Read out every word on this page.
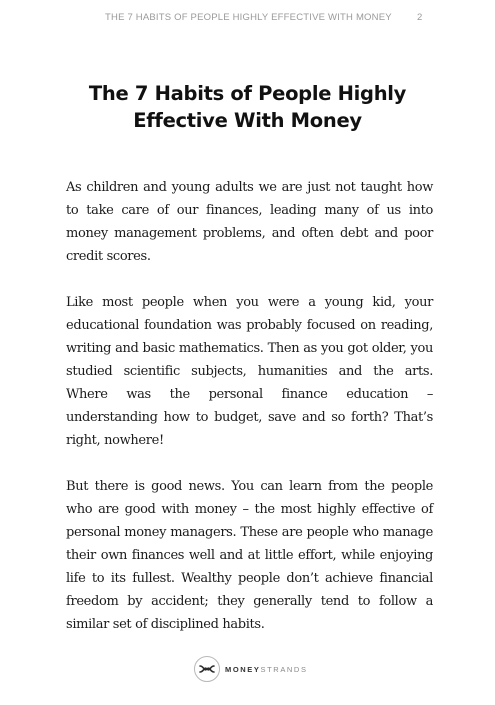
THE 7 HABITS OF PEOPLE HIGHLY EFFECTIVE WITH MONEY	2
The 7 Habits of People Highly
Effective With Money

As children and young adults we are just not taught how to take care of our finances, leading many of us into money management problems, and often debt and poor credit scores.

Like most people when you were a young kid, your educational foundation was probably focused on reading, writing and basic mathematics. Then as you got older, you studied scientific subjects, humanities and the arts. Where was the personal finance education – understanding how to budget, save and so forth? That’s right, nowhere!

But there is good news. You can learn from the people who are good with money – the most highly effective of personal money managers. These are people who manage their own finances well and at little effort, while enjoying life to its fullest. Wealthy people don’t achieve financial freedom by accident; they generally tend to follow a similar set of disciplined habits.

MONEYSTRANDS
